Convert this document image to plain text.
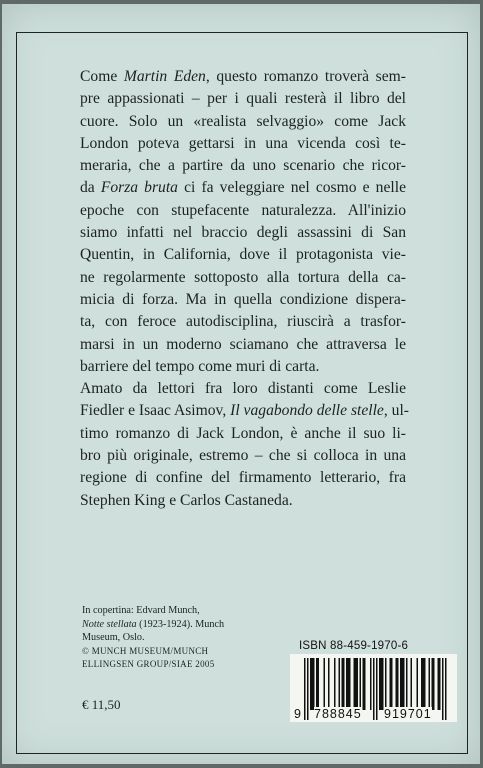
Come Martin Eden, questo romanzo troverà sem-
pre appassionati – per i quali resterà il libro del
cuore. Solo un «realista selvaggio» come Jack
London poteva gettarsi in una vicenda così te-
meraria, che a partire da uno scenario che ricor-
da Forza bruta ci fa veleggiare nel cosmo e nelle
epoche con stupefacente naturalezza. All'inizio
siamo infatti nel braccio degli assassini di San
Quentin, in California, dove il protagonista vie-
ne regolarmente sottoposto alla tortura della ca-
micia di forza. Ma in quella condizione dispera-
ta, con feroce autodisciplina, riuscirà a trasfor-
marsi in un moderno sciamano che attraversa le
barriere del tempo come muri di carta.

Amato da lettori fra loro distanti come Leslie
Fiedler e Isaac Asimov, Il vagabondo delle stelle, ul-
timo romanzo di Jack London, è anche il suo li-
bro più originale, estremo – che si colloca in una
regione di confine del firmamento letterario, fra
Stephen King e Carlos Castaneda.

In copertina: Edvard Munch,
Notte stellata (1923-1924). Munch
Museum, Oslo.
© MUNCH MUSEUM/MUNCH
ELLINGSEN GROUP/SIAE 2005
€ 11,50
ISBN 88-459-1970-6
9 788845 919701
